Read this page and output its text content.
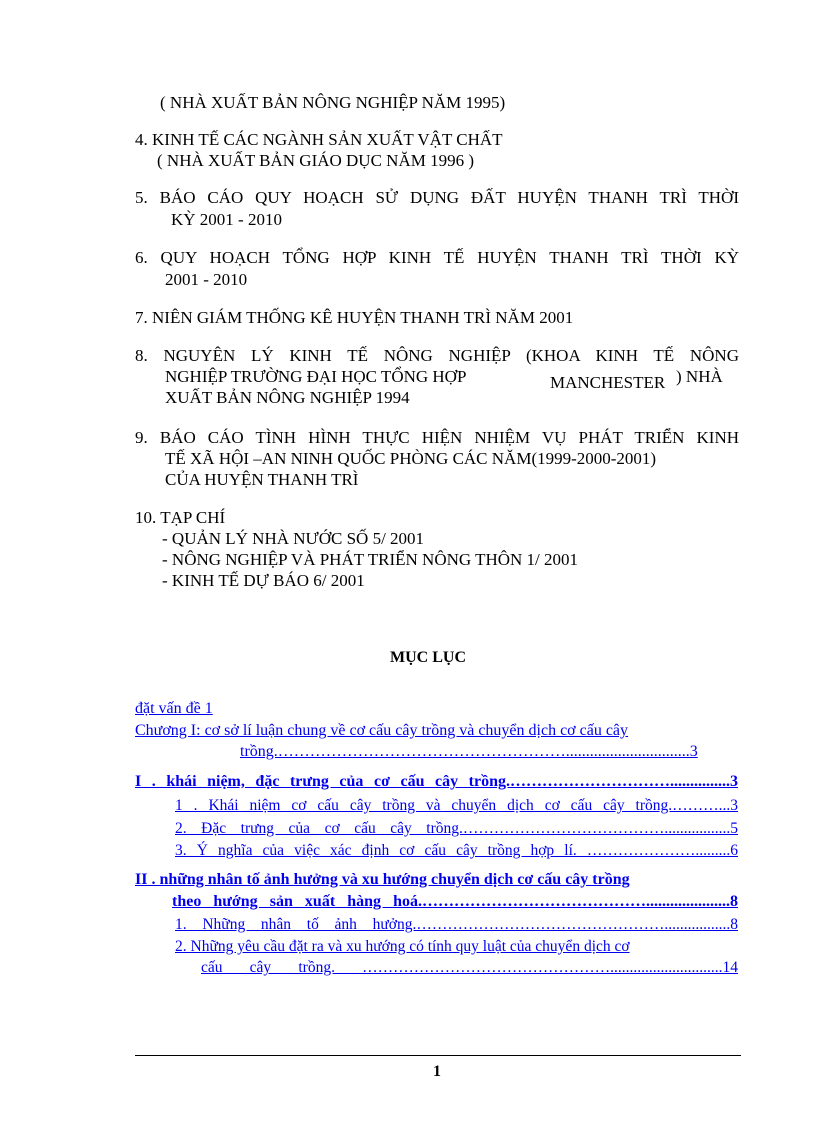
( NHÀ XUẤT BẢN NÔNG NGHIỆP NĂM 1995)
4. KINH TẾ CÁC NGÀNH SẢN XUẤT VẬT CHẤT
( NHÀ XUẤT BẢN GIÁO DỤC NĂM 1996 )
5. BÁO CÁO QUY HOẠCH SỬ DỤNG ĐẤT HUYỆN THANH TRÌ THỜI
KỲ 2001 - 2010
6. QUY HOẠCH TỔNG HỢP KINH TẾ HUYỆN THANH TRÌ THỜI KỲ
2001 - 2010
7. NIÊN GIÁM THỐNG KÊ HUYỆN THANH TRÌ NĂM 2001
8. NGUYÊN LÝ KINH TẾ NÔNG NGHIỆP (KHOA KINH TẾ NÔNG
NGHIỆP TRƯỜNG ĐẠI HỌC TỔNG HỢP	MANCHESTER ) NHÀ
XUẤT BẢN NÔNG NGHIỆP 1994
9. BÁO CÁO TÌNH HÌNH THỰC HIỆN NHIỆM VỤ PHÁT TRIỂN KINH
TẾ XÃ HỘI –AN NINH QUỐC PHÒNG CÁC NĂM(1999-2000-2001)
CỦA HUYỆN THANH TRÌ
10. TẠP CHÍ
- QUẢN LÝ NHÀ NƯỚC SỐ 5/ 2001
- NÔNG NGHIỆP VÀ PHÁT TRIỂN NÔNG THÔN 1/ 2001
- KINH TẾ DỰ BÁO 6/ 2001
MỤC LỤC
đặt vấn đề 1
Chương I: cơ sở lí luận chung về cơ cấu cây trồng và chuyển dịch cơ cấu cây
trồng.………………………………………………...............................3
I . khái niệm, đặc trưng của cơ cấu cây trồng.…………………………...............3
1 . Khái niệm cơ cấu cây trồng và chuyển dịch cơ cấu cây trồng.………...3
2. Đặc trưng của cơ cấu cây trồng.………………………………….................5
3. Ý nghĩa của việc xác định cơ cấu cây trồng hợp lí. ………………….........6
II . những nhân tố ảnh hưởng và xu hướng chuyển dịch cơ cấu cây trồng
theo hướng sản xuất hàng hoá.…………………………………….....................8
1. Những nhân tố ảnh hưởng.………………………………………….................8
2. Những yêu cầu đặt ra và xu hướng có tính quy luật của chuyển dịch cơ
cấu cây trồng. ………………………………………….............................14
1
